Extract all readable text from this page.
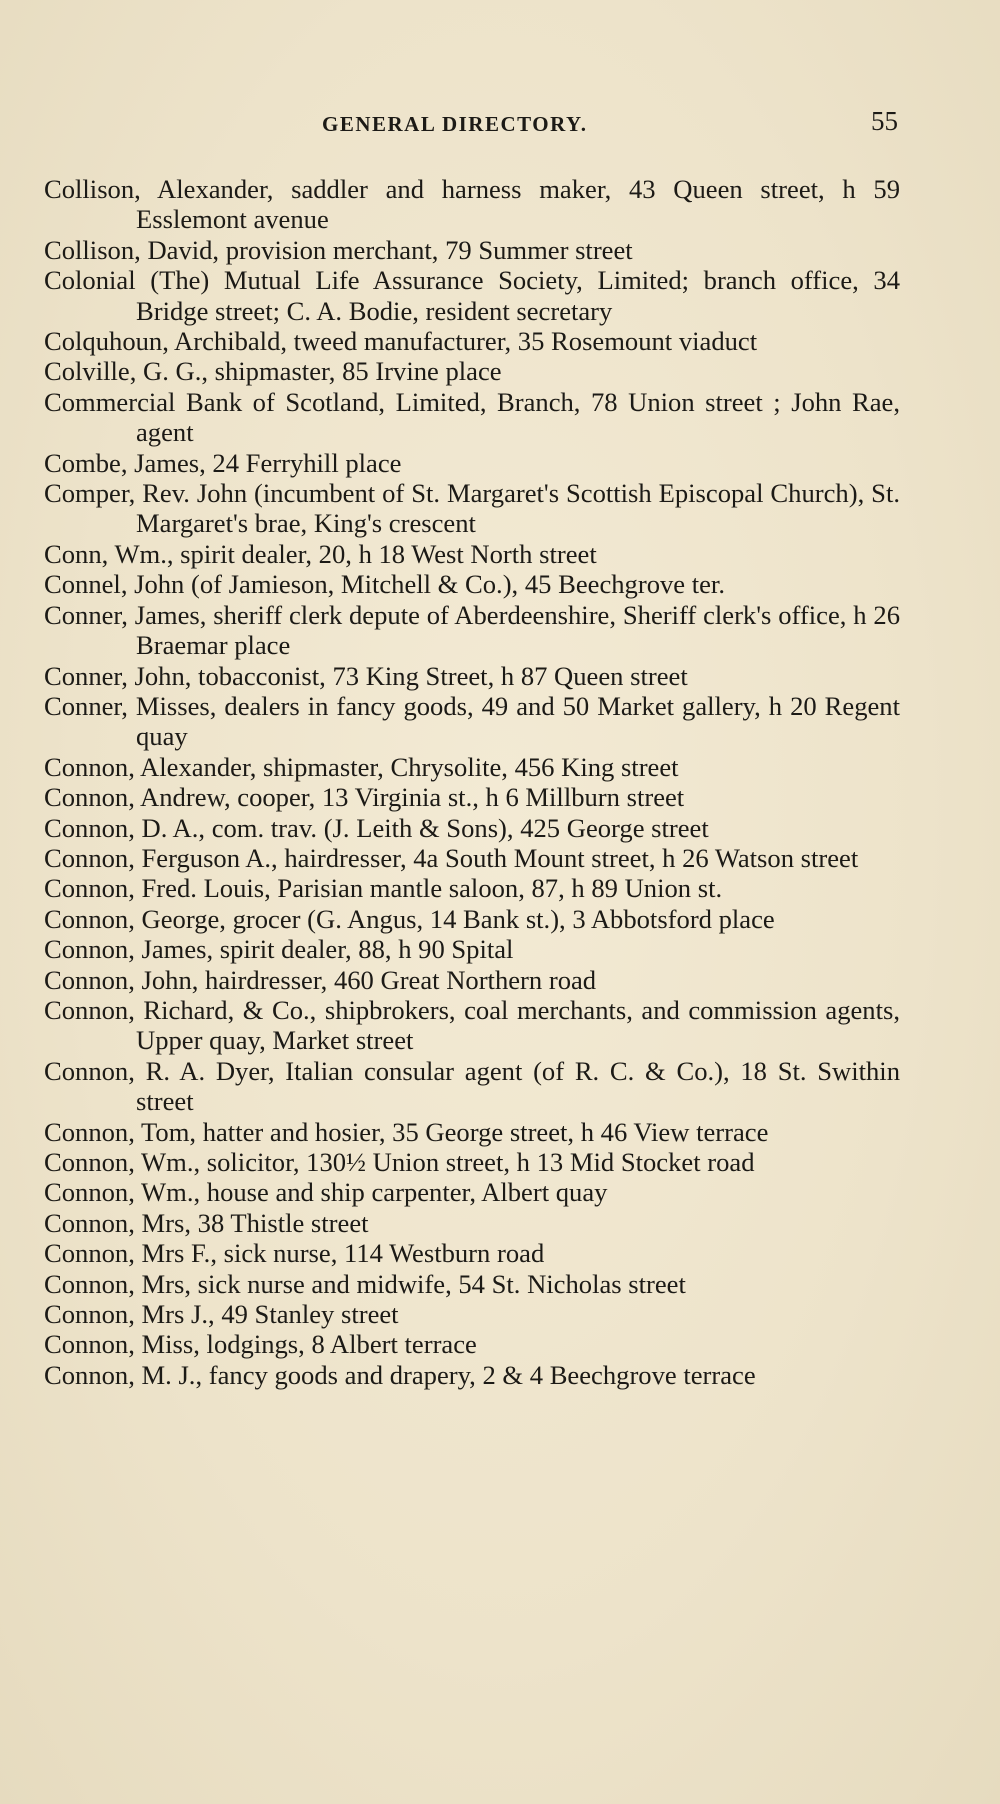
GENERAL DIRECTORY.	55
Collison, Alexander, saddler and harness maker, 43 Queen street, h 59 Esslemont avenue
Collison, David, provision merchant, 79 Summer street
Colonial (The) Mutual Life Assurance Society, Limited; branch office, 34 Bridge street; C. A. Bodie, resident secretary
Colquhoun, Archibald, tweed manufacturer, 35 Rosemount viaduct
Colville, G. G., shipmaster, 85 Irvine place
Commercial Bank of Scotland, Limited, Branch, 78 Union street ; John Rae, agent
Combe, James, 24 Ferryhill place
Comper, Rev. John (incumbent of St. Margaret's Scottish Episcopal Church), St. Margaret's brae, King's crescent
Conn, Wm., spirit dealer, 20, h 18 West North street
Connel, John (of Jamieson, Mitchell & Co.), 45 Beechgrove ter.
Conner, James, sheriff clerk depute of Aberdeenshire, Sheriff clerk's office, h 26 Braemar place
Conner, John, tobacconist, 73 King Street, h 87 Queen street
Conner, Misses, dealers in fancy goods, 49 and 50 Market gallery, h 20 Regent quay
Connon, Alexander, shipmaster, Chrysolite, 456 King street
Connon, Andrew, cooper, 13 Virginia st., h 6 Millburn street
Connon, D. A., com. trav. (J. Leith & Sons), 425 George street
Connon, Ferguson A., hairdresser, 4a South Mount street, h 26 Watson street
Connon, Fred. Louis, Parisian mantle saloon, 87, h 89 Union st.
Connon, George, grocer (G. Angus, 14 Bank st.), 3 Abbotsford place
Connon, James, spirit dealer, 88, h 90 Spital
Connon, John, hairdresser, 460 Great Northern road
Connon, Richard, & Co., shipbrokers, coal merchants, and commission agents, Upper quay, Market street
Connon, R. A. Dyer, Italian consular agent (of R. C. & Co.), 18 St. Swithin street
Connon, Tom, hatter and hosier, 35 George street, h 46 View terrace
Connon, Wm., solicitor, 130½ Union street, h 13 Mid Stocket road
Connon, Wm., house and ship carpenter, Albert quay
Connon, Mrs, 38 Thistle street
Connon, Mrs F., sick nurse, 114 Westburn road
Connon, Mrs, sick nurse and midwife, 54 St. Nicholas street
Connon, Mrs J., 49 Stanley street
Connon, Miss, lodgings, 8 Albert terrace
Connon, M. J., fancy goods and drapery, 2 & 4 Beechgrove terrace
